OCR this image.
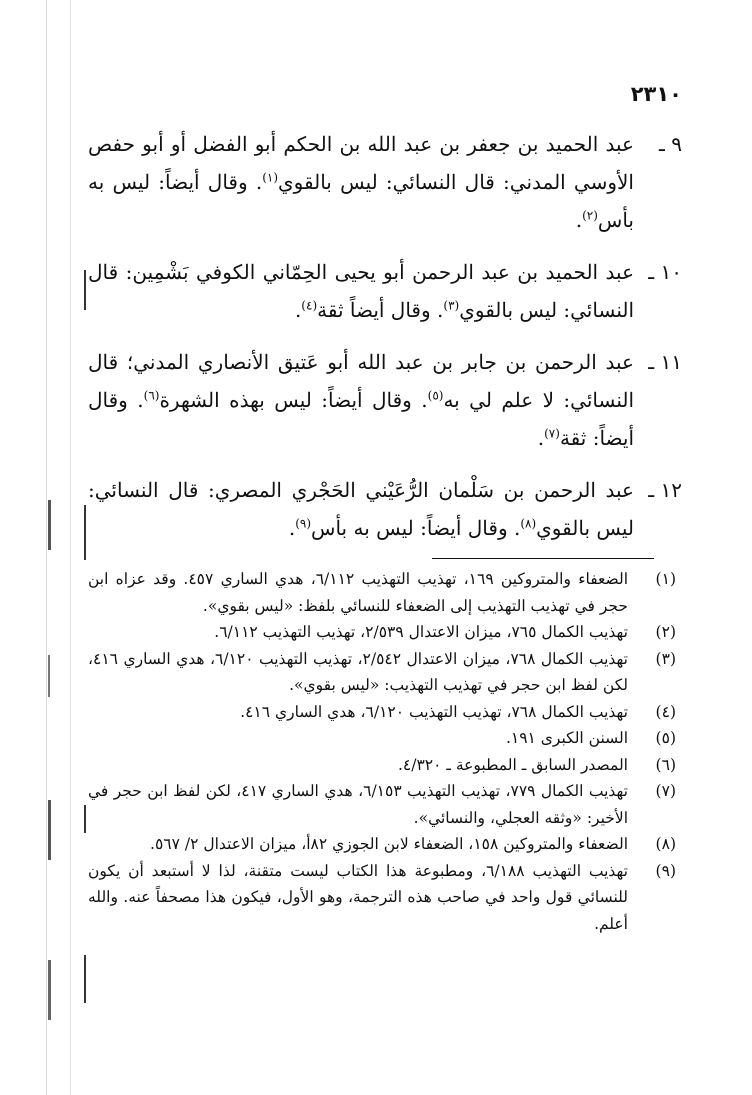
٢٣١٠
٩ ـ
عبد الحميد بن جعفر بن عبد الله بن الحكم أبو الفضل أو أبو حفص الأوسي المدني: قال النسائي: ليس بالقوي$^{(١)}$. وقال أيضاً: ليس به بأس$^{(٢)}$.
١٠ ـ
عبد الحميد بن عبد الرحمن أبو يحيى الحِمّاني الكوفي بَشْمِين: قال النسائي: ليس بالقوي$^{(٣)}$. وقال أيضاً ثقة$^{(٤)}$.
١١ ـ
عبد الرحمن بن جابر بن عبد الله أبو عَتيق الأنصاري المدني؛ قال النسائي: لا علم لي به$^{(٥)}$. وقال أيضاً: ليس بهذه الشهرة$^{(٦)}$. وقال أيضاً: ثقة$^{(٧)}$.
١٢ ـ
عبد الرحمن بن سَلْمان الرُّعَيْني الحَجْري المصري: قال النسائي: ليس بالقوي$^{(٨)}$. وقال أيضاً: ليس به بأس$^{(٩)}$.
(١)
الضعفاء والمتروكين ١٦٩، تهذيب التهذيب ٦/١١٢، هدي الساري ٤٥٧. وقد عزاه ابن حجر في تهذيب التهذيب إلى الضعفاء للنسائي بلفظ: «ليس بقوي».
(٢)
تهذيب الكمال ٧٦٥، ميزان الاعتدال ٢/٥٣٩، تهذيب التهذيب ٦/١١٢.
(٣)
تهذيب الكمال ٧٦٨، ميزان الاعتدال ٢/٥٤٢، تهذيب التهذيب ٦/١٢٠، هدي الساري ٤١٦، لكن لفظ ابن حجر في تهذيب التهذيب: «ليس بقوي».
(٤)
تهذيب الكمال ٧٦٨، تهذيب التهذيب ٦/١٢٠، هدي الساري ٤١٦.
(٥)
السنن الكبرى ١٩١.
(٦)
المصدر السابق ـ المطبوعة ـ ٤/٣٢٠.
(٧)
تهذيب الكمال ٧٧٩، تهذيب التهذيب ٦/١٥٣، هدي الساري ٤١٧، لكن لفظ ابن حجر في الأخير: «وثقه العجلي، والنسائي».
(٨)
الضعفاء والمتروكين ١٥٨، الضعفاء لابن الجوزي ٨٢أ، ميزان الاعتدال ٢/ ٥٦٧.
(٩)
تهذيب التهذيب ٦/١٨٨، ومطبوعة هذا الكتاب ليست متقنة، لذا لا أستبعد أن يكون للنسائي قول واحد في صاحب هذه الترجمة، وهو الأول، فيكون هذا مصحفاً عنه. والله أعلم.
